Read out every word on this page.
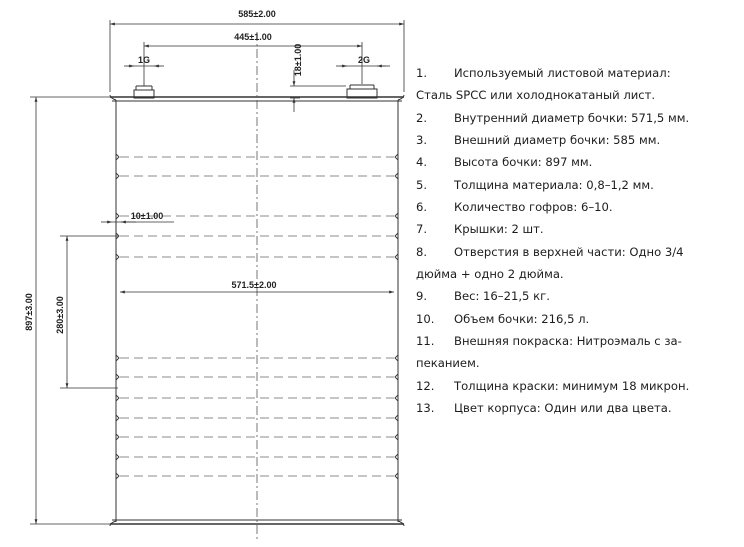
585±2.00
445±1.00
1G	2G
18±1.00
10±1.00
571.5±2.00
280±3.00
897±3.00
1. Используемый листовой материал:
Сталь SPCC или холоднокатаный лист.
2. Внутренний диаметр бочки: 571,5 мм.
3. Внешний диаметр бочки: 585 мм.
4. Высота бочки: 897 мм.
5. Толщина материала: 0,8–1,2 мм.
6. Количество гофров: 6–10.
7. Крышки: 2 шт.
8. Отверстия в верхней части: Одно 3/4
дюйма + одно 2 дюйма.
9. Вес: 16–21,5 кг.
10. Объем бочки: 216,5 л.
11. Внешняя покраска: Нитроэмаль с за-
пеканием.
12. Толщина краски: минимум 18 микрон.
13. Цвет корпуса: Один или два цвета.
